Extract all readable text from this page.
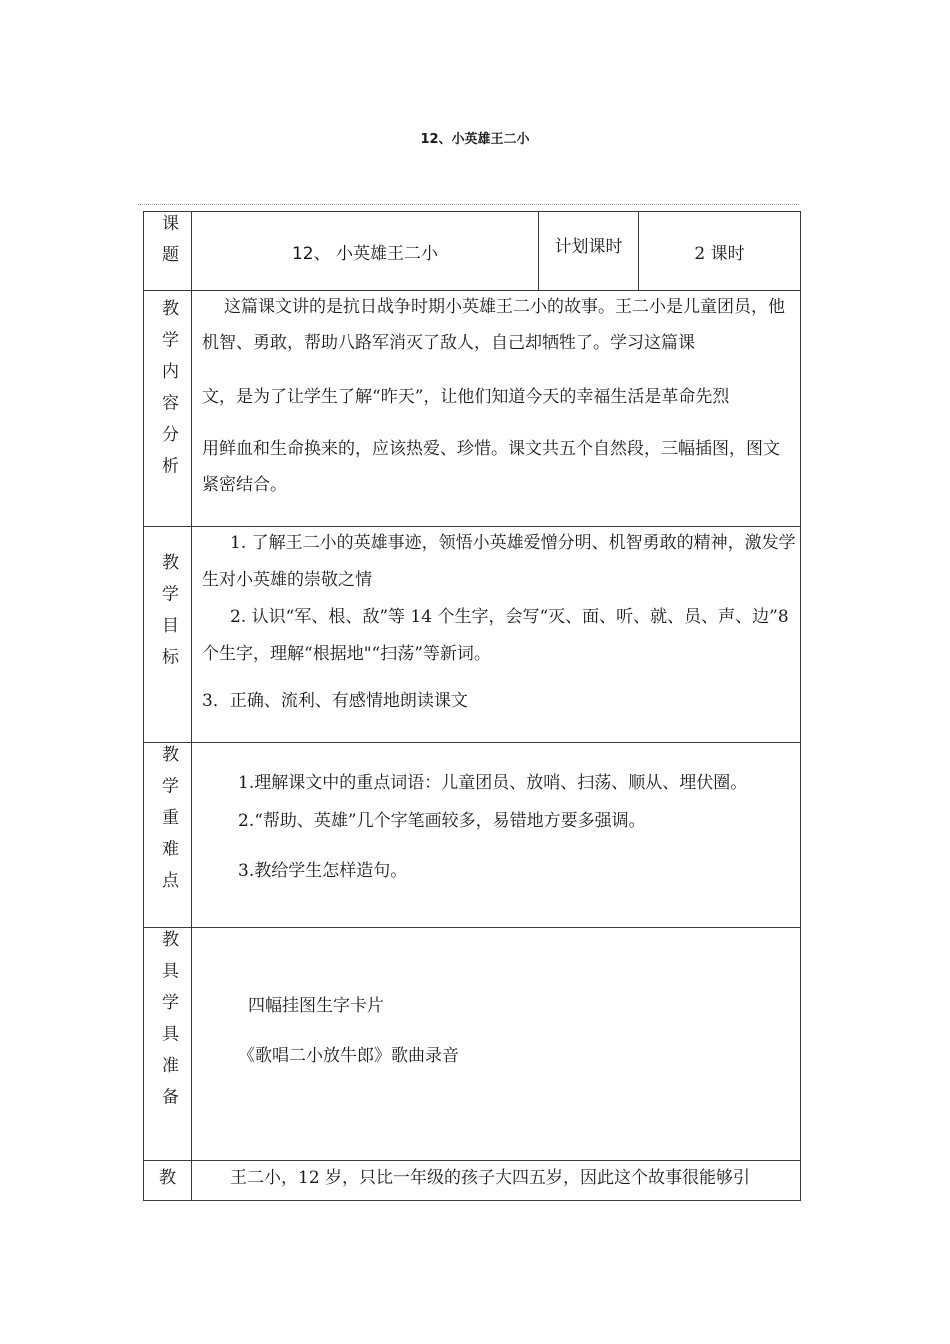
12、小英雄王二小
课题	12、 小英雄王二小	计划课时	2 课时
教学内容分析	这篇课文讲的是抗日战争时期小英雄王二小的故事。王二小是儿童团员，他机智、勇敢，帮助八路军消灭了敌人，自己却牺牲了。学习这篇课
文，是为了让学生了解“昨天”，让他们知道今天的幸福生活是革命先烈
用鲜血和生命换来的，应该热爱、珍惜。课文共五个自然段，三幅插图，图文紧密结合。		

教学目标	1. 了解王二小的英雄事迹，领悟小英雄爱憎分明、机智勇敢的精神，激发学生对小英雄的崇敬之情
2. 认识“军、根、敌”等 14 个生字，会写“灭、面、听、就、员、声、边”8 个生字，理解“根据地"“扫荡”等新词。
3．正确、流利、有感情地朗读课文		

教学重难点	1.理解课文中的重点词语：儿童团员、放哨、扫荡、顺从、埋伏圈。
2.“帮助、英雄”几个字笔画较多，易错地方要多强调。
3.教给学生怎样造句。		

教具学具准备	四幅挂图生字卡片
《歌唱二小放牛郎》歌曲录音		

教	王二小，12 岁，只比一年级的孩子大四五岁，因此这个故事很能够引		
